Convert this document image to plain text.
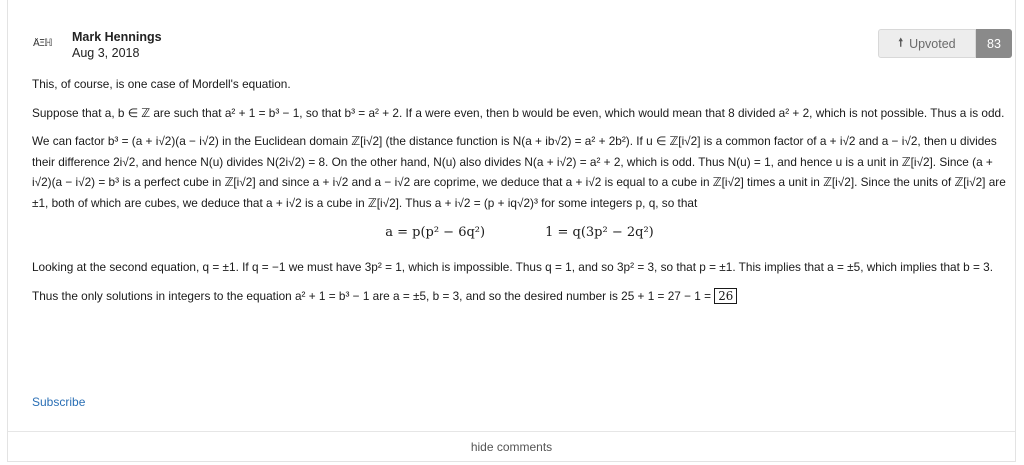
ÅΞℍ	Mark Hennings
Aug 3, 2018
🠕 Upvoted	83

This, of course, is one case of Mordell's equation.

Suppose that a, b ∈ ℤ are such that a² + 1 = b³ − 1, so that b³ = a² + 2. If a were even, then b would be even, which would mean that 8 divided a² + 2, which is not possible. Thus a is odd.

We can factor b³ = (a + i√2)(a − i√2) in the Euclidean domain ℤ[i√2] (the distance function is N(a + ib√2) = a² + 2b²). If u ∈ ℤ[i√2] is a common factor of a + i√2 and a − i√2, then u divides their difference 2i√2, and hence N(u) divides N(2i√2) = 8. On the other hand, N(u) also divides N(a + i√2) = a² + 2, which is odd. Thus N(u) = 1, and hence u is a unit in ℤ[i√2]. Since (a + i√2)(a − i√2) = b³ is a perfect cube in ℤ[i√2] and since a + i√2 and a − i√2 are coprime, we deduce that a + i√2 is equal to a cube in ℤ[i√2] times a unit in ℤ[i√2]. Since the units of ℤ[i√2] are ±1, both of which are cubes, we deduce that a + i√2 is a cube in ℤ[i√2]. Thus a + i√2 = (p + iq√2)³ for some integers p, q, so that

a = p(p² − 6q²)	1 = q(3p² − 2q²)

Looking at the second equation, q = ±1. If q = −1 we must have 3p² = 1, which is impossible. Thus q = 1, and so 3p² = 3, so that p = ±1. This implies that a = ±5, which implies that b = 3.

Thus the only solutions in integers to the equation a² + 1 = b³ − 1 are a = ±5, b = 3, and so the desired number is 25 + 1 = 27 − 1 = 26

Subscribe
hide comments
